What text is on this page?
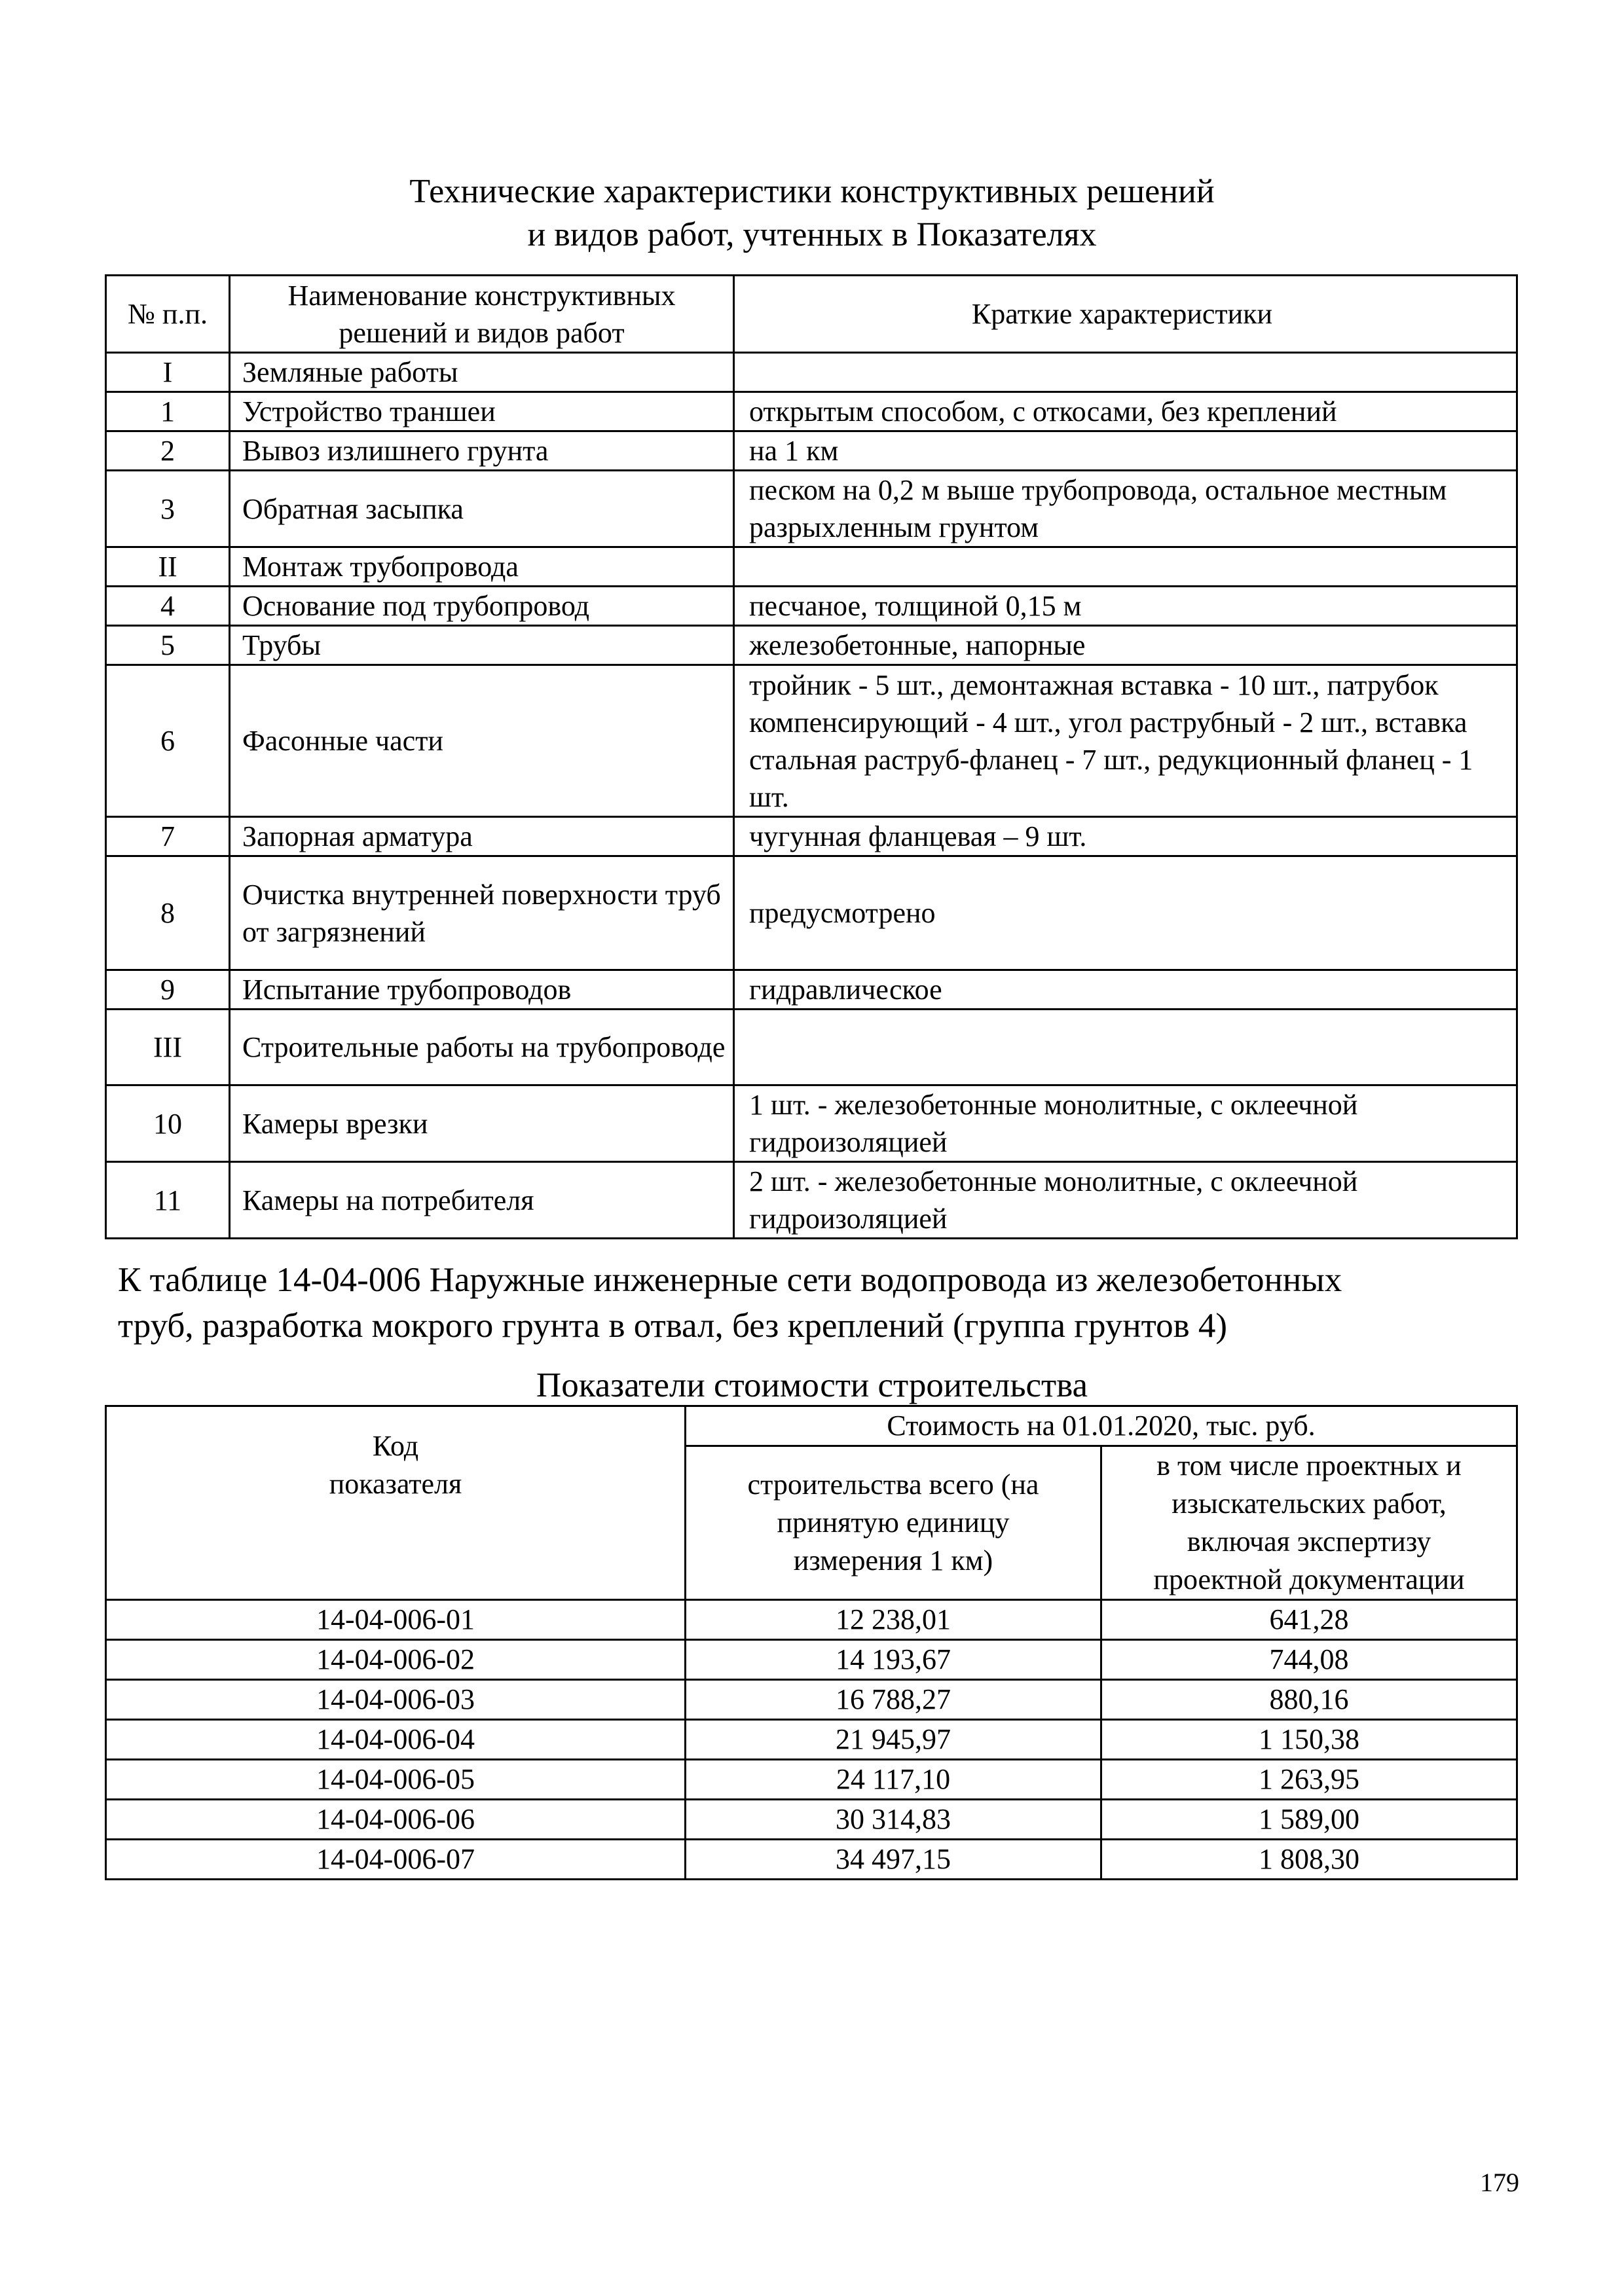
Технические характеристики конструктивных решений
и видов работ, учтенных в Показателях
№ п.п.	Наименование конструктивных решений и видов работ	Краткие характеристики
I	Земляные работы	
1	Устройство траншеи	открытым способом, с откосами, без креплений
2	Вывоз излишнего грунта	на 1 км
3	Обратная засыпка	песком на 0,2 м выше трубопровода, остальное местным разрыхленным грунтом
II	Монтаж трубопровода	
4	Основание под трубопровод	песчаное, толщиной 0,15 м
5	Трубы	железобетонные, напорные
6	Фасонные части	тройник - 5 шт., демонтажная вставка - 10 шт., патрубок компенсирующий - 4 шт., угол раструбный - 2 шт., вставка стальная раструб-фланец - 7 шт., редукционный фланец - 1 шт.
7	Запорная арматура	чугунная фланцевая – 9 шт.
8	Очистка внутренней поверхности труб от загрязнений	предусмотрено
9	Испытание трубопроводов	гидравлическое
III	Строительные работы на трубопроводе	
10	Камеры врезки	1 шт. - железобетонные монолитные, с оклеечной гидроизоляцией
11	Камеры на потребителя	2 шт. - железобетонные монолитные, с оклеечной гидроизоляцией
К таблице 14-04-006 Наружные инженерные сети водопровода из железобетонных
труб, разработка мокрого грунта в отвал, без креплений (группа грунтов 4)
Показатели стоимости строительства
Код показателя	Стоимость на 01.01.2020, тыс. руб.	

	строительства всего (на принятую единицу измерения 1 км)	в том числе проектных и изыскательских работ, включая экспертизу проектной документации

14-04-006-01	12 238,01	641,28
14-04-006-02	14 193,67	744,08
14-04-006-03	16 788,27	880,16
14-04-006-04	21 945,97	1 150,38
14-04-006-05	24 117,10	1 263,95
14-04-006-06	30 314,83	1 589,00
14-04-006-07	34 497,15	1 808,30
179
